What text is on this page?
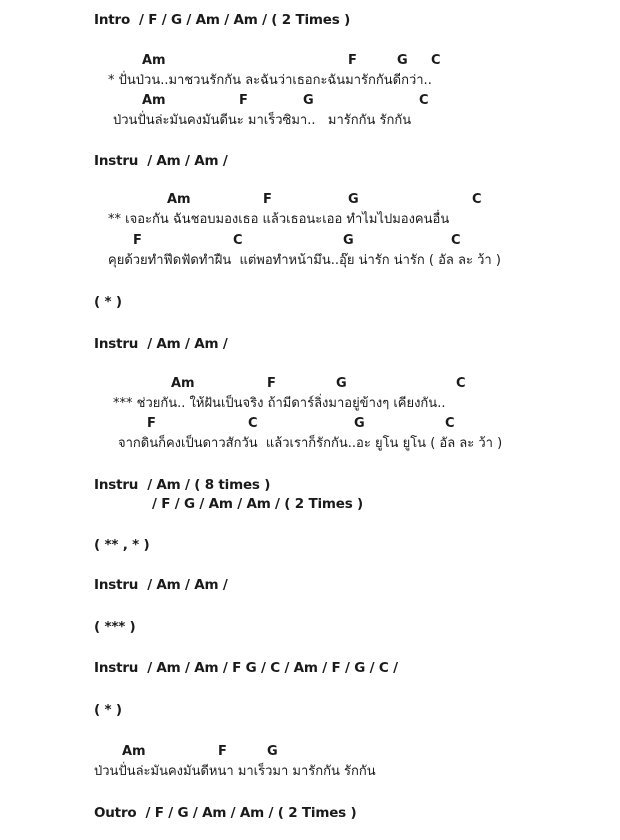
Intro  / F / G / Am / Am / ( 2 Times )
Am	F	G C
* ปั่นป่วน..มาชวนรักกัน ละฉันว่าเธอกะฉันมารักกันดีกว่า..
Am	F	G	C
ป่วนปั่นล่ะมันคงมันดีนะ มาเร็วซิมา..   มารักกัน รักกัน
Instru  / Am / Am /
Am	F	G	C
** เจอะกัน ฉันชอบมองเธอ แล้วเธอนะเออ ทำไมไปมองคนอื่น
F	C	G	C
คุยด้วยทำฟึดฟัดทำฝืน  แต่พอทำหน้ามึน..อุ๊ย น่ารัก น่ารัก ( อัล ละ ว้า )
( * )
Instru  / Am / Am /
Am	F	G	C
*** ช่วยกัน.. ให้ฝันเป็นจริง ถ้ามีดาร์ลิ่งมาอยู่ข้างๆ เคียงกัน..
F	C	G	C
จากดินก็คงเป็นดาวสักวัน  แล้วเราก็รักกัน..อะ ยูโน ยูโน ( อัล ละ ว้า )
Instru  / Am / ( 8 times )
/ F / G / Am / Am / ( 2 Times )
( ** , * )
Instru  / Am / Am /
( *** )
Instru  / Am / Am / F G / C / Am / F / G / C /
( * )
Am	F	G
ป่วนปั่นล่ะมันคงมันดีหนา มาเร็วมา มารักกัน รักกัน
Outro  / F / G / Am / Am / ( 2 Times )
